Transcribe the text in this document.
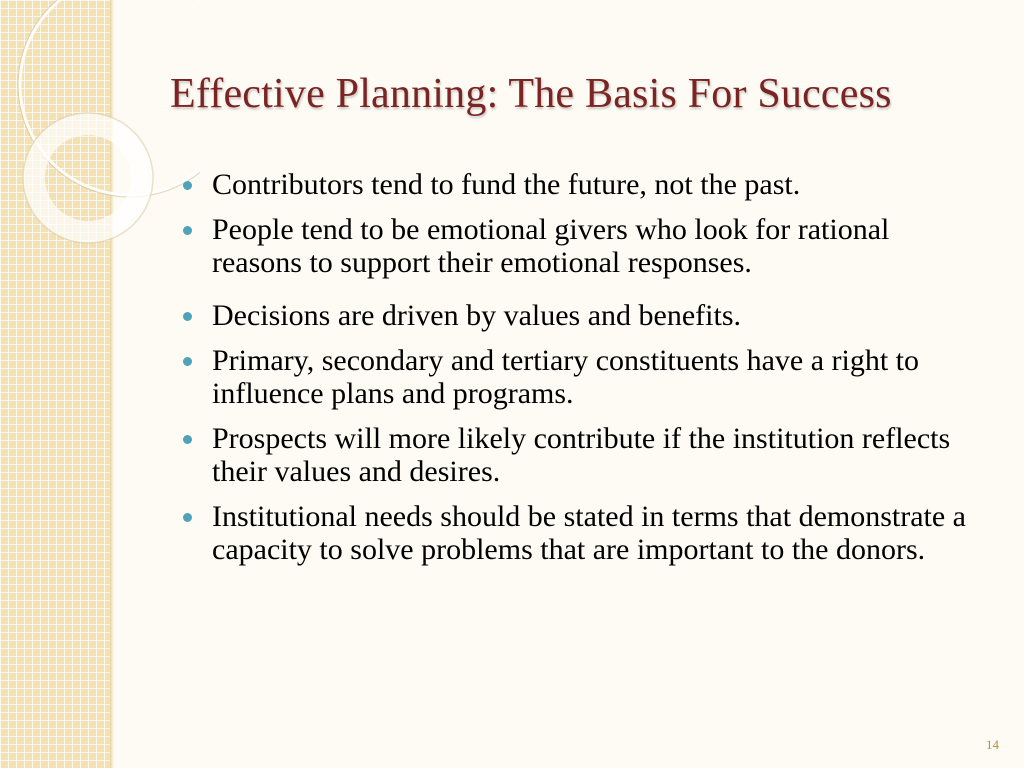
Effective Planning: The Basis For Success
Contributors tend to fund the future, not the past.
People tend to be emotional givers who look for rational reasons to support their emotional responses.
Decisions are driven by values and benefits.
Primary, secondary and tertiary constituents have a right to influence plans and programs.
Prospects will more likely contribute if the institution reflects their values and desires.
Institutional needs should be stated in terms that demonstrate a capacity to solve problems that are important to the donors.
14
